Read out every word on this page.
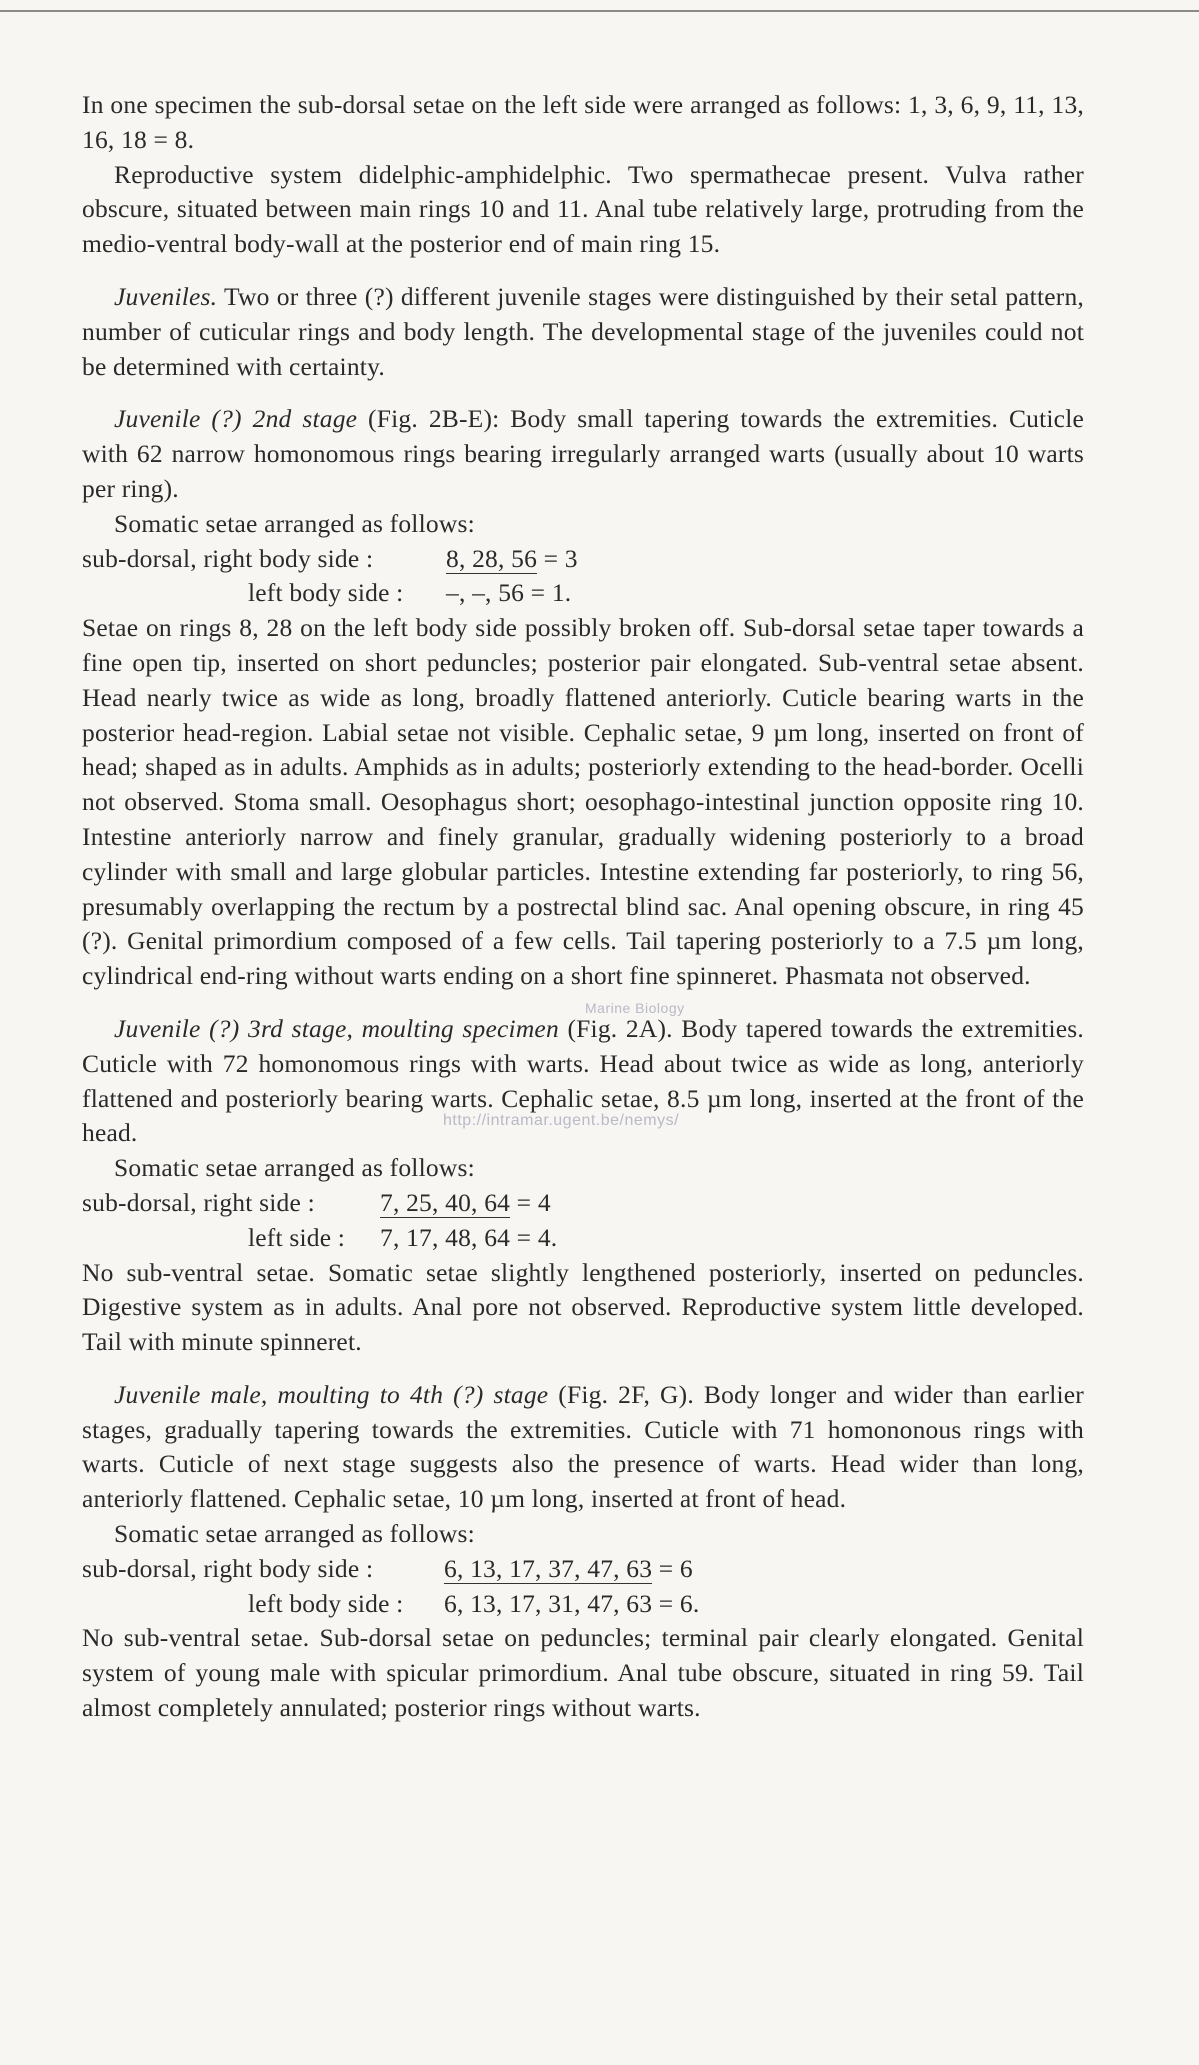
In one specimen the sub-dorsal setae on the left side were arranged as follows: 1, 3, 6, 9, 11, 13, 16, 18 = 8.

Reproductive system didelphic-amphidelphic. Two spermathecae present. Vulva rather obscure, situated between main rings 10 and 11. Anal tube relatively large, protruding from the medio-ventral body-wall at the posterior end of main ring 15.

Juveniles. Two or three (?) different juvenile stages were distinguished by their setal pattern, number of cuticular rings and body length. The developmental stage of the juveniles could not be determined with certainty.

Juvenile (?) 2nd stage (Fig. 2B-E): Body small tapering towards the extremities. Cuticle with 62 narrow homonomous rings bearing irregularly arranged warts (usually about 10 warts per ring).

Somatic setae arranged as follows:

sub-dorsal, right body side :	8, 28, 56 = 3
left body side : –, –, 56 = 1.

Setae on rings 8, 28 on the left body side possibly broken off. Sub-dorsal setae taper towards a fine open tip, inserted on short peduncles; posterior pair elongated. Sub-ventral setae absent. Head nearly twice as wide as long, broadly flattened anteriorly. Cuticle bearing warts in the posterior head-region. Labial setae not visible. Cephalic setae, 9 µm long, inserted on front of head; shaped as in adults. Amphids as in adults; posteriorly extending to the head-border. Ocelli not observed. Stoma small. Oesophagus short; oesophago-intestinal junction opposite ring 10. Intestine anteriorly narrow and finely granular, gradually widening posteriorly to a broad cylinder with small and large globular particles. Intestine extending far posteriorly, to ring 56, presumably overlapping the rectum by a postrectal blind sac. Anal opening obscure, in ring 45 (?). Genital primordium composed of a few cells. Tail tapering posteriorly to a 7.5 µm long, cylindrical end-ring without warts ending on a short fine spinneret. Phasmata not observed.

Juvenile (?) 3rd stage, moulting specimen (Fig. 2A). Body tapered towards the extremities. Cuticle with 72 homonomous rings with warts. Head about twice as wide as long, anteriorly flattened and posteriorly bearing warts. Cephalic setae, 8.5 µm long, inserted at the front of the head.

Somatic setae arranged as follows:

sub-dorsal, right side :	7, 25, 40, 64 = 4
left side : 7, 17, 48, 64 = 4.

No sub-ventral setae. Somatic setae slightly lengthened posteriorly, inserted on peduncles. Digestive system as in adults. Anal pore not observed. Reproductive system little developed. Tail with minute spinneret.

Juvenile male, moulting to 4th (?) stage (Fig. 2F, G). Body longer and wider than earlier stages, gradually tapering towards the extremities. Cuticle with 71 homononous rings with warts. Cuticle of next stage suggests also the presence of warts. Head wider than long, anteriorly flattened. Cephalic setae, 10 µm long, inserted at front of head.

Somatic setae arranged as follows:

sub-dorsal, right body side :	6, 13, 17, 37, 47, 63 = 6
left body side : 6, 13, 17, 31, 47, 63 = 6.

No sub-ventral setae. Sub-dorsal setae on peduncles; terminal pair clearly elongated. Genital system of young male with spicular primordium. Anal tube obscure, situated in ring 59. Tail almost completely annulated; posterior rings without warts.

Marine Biology
http://intramar.ugent.be/nemys/
